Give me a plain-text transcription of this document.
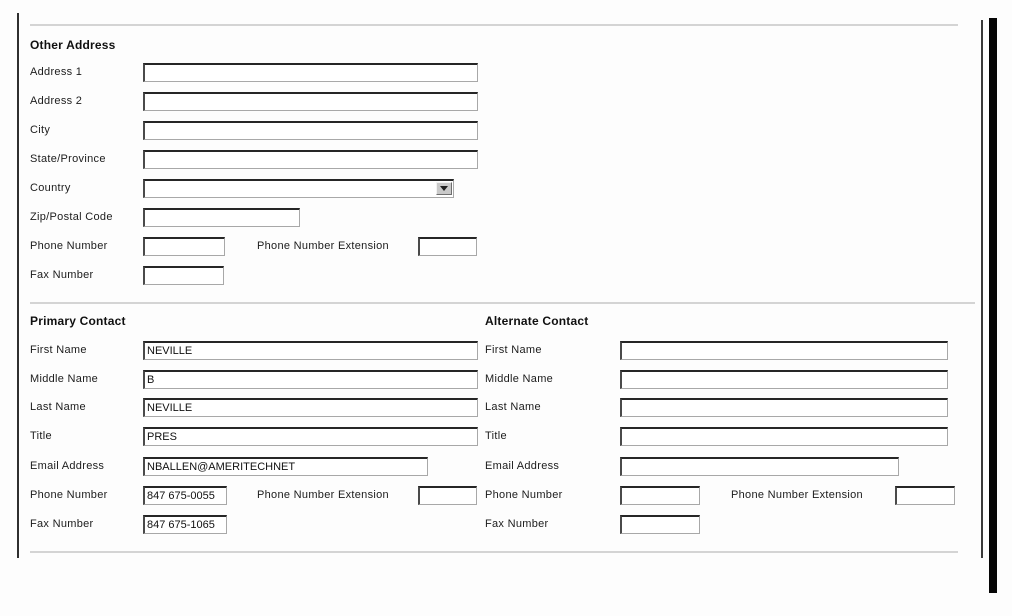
Other Address
Address 1
Address 2
City
State/Province
Country
Zip/Postal Code
Phone Number	Phone Number Extension
Fax Number
Primary Contact
First Name
NEVILLE
Middle Name
B
Last Name
NEVILLE
Title
PRES
Email Address
NBALLEN@AMERITECHNET
Phone Number
847 675-0055	Phone Number Extension
Fax Number
847 675-1065
Alternate Contact
First Name
Middle Name
Last Name
Title
Email Address
Phone Number	Phone Number Extension
Fax Number
